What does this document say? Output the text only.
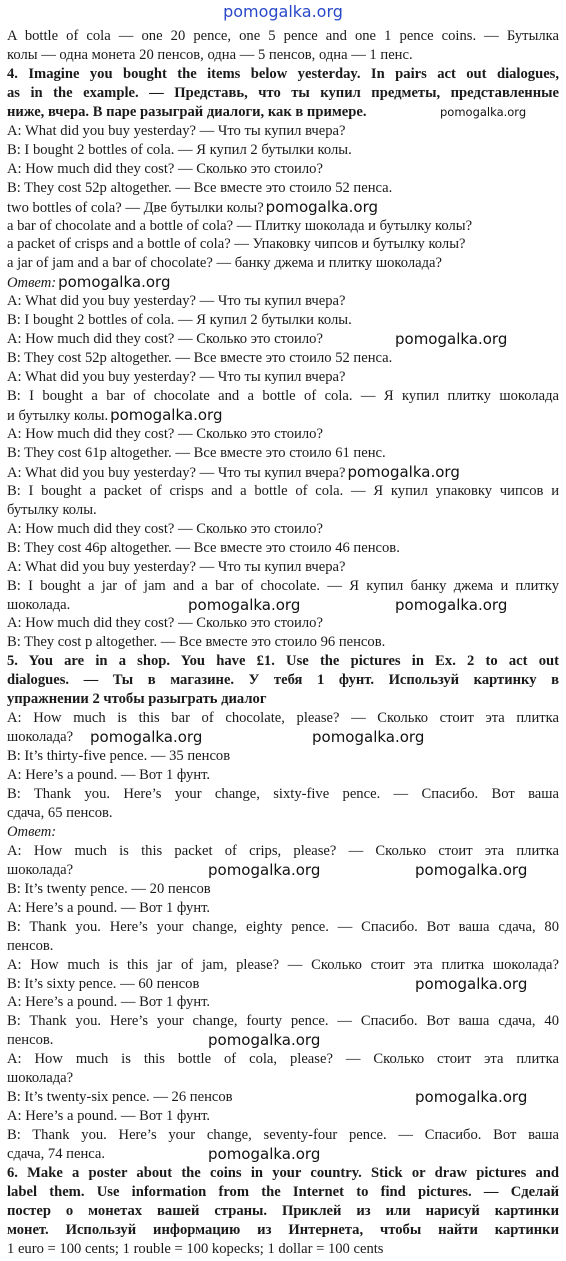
pomogalka.org
A bottle of cola — one 20 pence, one 5 pence and one 1 pence coins. — Бутылка
колы — одна монета 20 пенсов, одна — 5 пенсов, одна — 1 пенс.
4. Imagine you bought the items below yesterday. In pairs act out dialogues,
as in the example. — Представь, что ты купил предметы, представленные
ниже, вчера. В паре разыграй диалоги, как в примере.	pomogalka.org
A: What did you buy yesterday? — Что ты купил вчера?
B: I bought 2 bottles of cola. — Я купил 2 бутылки колы.
A: How much did they cost? — Сколько это стоило?
B: They cost 52p altogether. — Все вместе это стоило 52 пенса.
two bottles of cola? — Две бутылки колы? pomogalka.org
a bar of chocolate and a bottle of cola? — Плитку шоколада и бутылку колы?
a packet of crisps and a bottle of cola? — Упаковку чипсов и бутылку колы?
a jar of jam and a bar of chocolate? — банку джема и плитку шоколада?
Ответ: pomogalka.org
A: What did you buy yesterday? — Что ты купил вчера?
B: I bought 2 bottles of cola. — Я купил 2 бутылки колы.
A: How much did they cost? — Сколько это стоило?	pomogalka.org
B: They cost 52p altogether. — Все вместе это стоило 52 пенса.
A: What did you buy yesterday? — Что ты купил вчера?
B: I bought a bar of chocolate and a bottle of cola. — Я купил плитку шоколада
и бутылку колы. pomogalka.org
A: How much did they cost? — Сколько это стоило?
B: They cost 61p altogether. — Все вместе это стоило 61 пенс.
A: What did you buy yesterday? — Что ты купил вчера? pomogalka.org
B: I bought a packet of crisps and a bottle of cola. — Я купил упаковку чипсов и
бутылку колы.
A: How much did they cost? — Сколько это стоило?
B: They cost 46p altogether. — Все вместе это стоило 46 пенсов.
A: What did you buy yesterday? — Что ты купил вчера?
B: I bought a jar of jam and a bar of chocolate. — Я купил банку джема и плитку
шоколада.	pomogalka.org	pomogalka.org
A: How much did they cost? — Сколько это стоило?
B: They cost p altogether. — Все вместе это стоило 96 пенсов.
5. You are in a shop. You have £1. Use the pictures in Ex. 2 to act out
dialogues. — Ты в магазине. У тебя 1 фунт. Используй картинку в
упражнении 2 чтобы разыграть диалог
A: How much is this bar of chocolate, please? — Сколько стоит эта плитка
шоколада? pomogalka.org	pomogalka.org
B: It’s thirty-five pence. — 35 пенсов
A: Here’s a pound. — Вот 1 фунт.
B: Thank you. Here’s your change, sixty-five pence. — Спасибо. Вот ваша
сдача, 65 пенсов.
Ответ:
A: How much is this packet of crips, please? — Сколько стоит эта плитка
шоколада?	pomogalka.org	pomogalka.org
B: It’s twenty pence. — 20 пенсов
A: Here’s a pound. — Вот 1 фунт.
B: Thank you. Here’s your change, eighty pence. — Спасибо. Вот ваша сдача, 80
пенсов.
A: How much is this jar of jam, please? — Сколько стоит эта плитка шоколада?
B: It’s sixty pence. — 60 пенсов	pomogalka.org
A: Here’s a pound. — Вот 1 фунт.
B: Thank you. Here’s your change, fourty pence. — Спасибо. Вот ваша сдача, 40
пенсов.	pomogalka.org
A: How much is this bottle of cola, please? — Сколько стоит эта плитка
шоколада?
B: It’s twenty-six pence. — 26 пенсов	pomogalka.org
A: Here’s a pound. — Вот 1 фунт.
B: Thank you. Here’s your change, seventy-four pence. — Спасибо. Вот ваша
сдача, 74 пенса.	pomogalka.org
6. Make a poster about the coins in your country. Stick or draw pictures and
label them. Use information from the Internet to find pictures. — Сделай
постер о монетах вашей страны. Приклей из или нарисуй картинки
монет. Используй информацию из Интернета, чтобы найти картинки
1 euro = 100 cents; 1 rouble = 100 kopecks; 1 dollar = 100 cents
